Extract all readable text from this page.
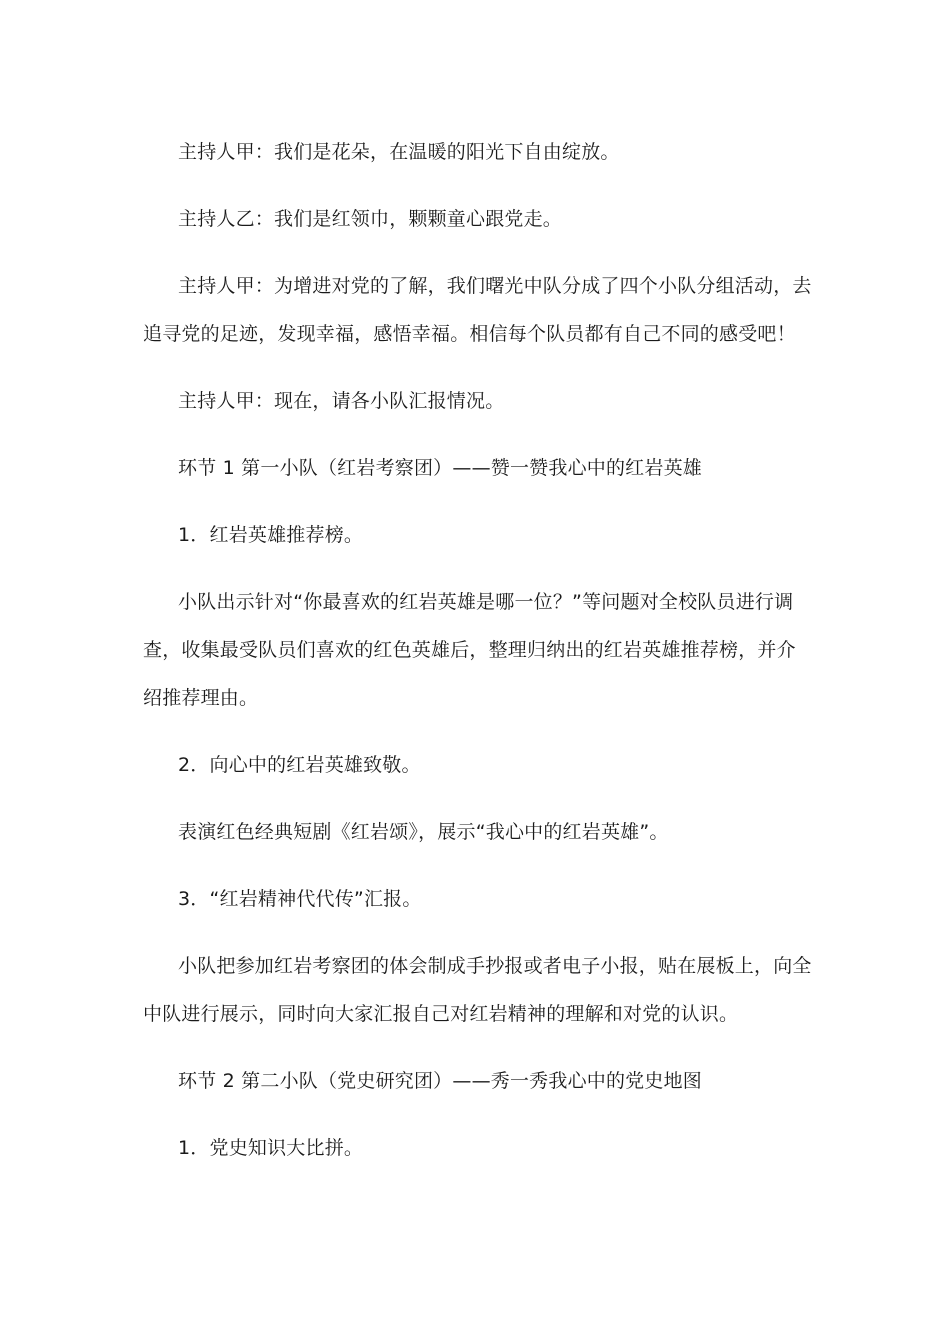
主持人甲：我们是花朵，在温暖的阳光下自由绽放。

主持人乙：我们是红领巾，颗颗童心跟党走。

主持人甲：为增进对党的了解，我们曙光中队分成了四个小队分组活动，去追寻党的足迹，发现幸福，感悟幸福。相信每个队员都有自己不同的感受吧！

主持人甲：现在，请各小队汇报情况。

环节 1 第一小队（红岩考察团）——赞一赞我心中的红岩英雄

1．红岩英雄推荐榜。

小队出示针对“你最喜欢的红岩英雄是哪一位？”等问题对全校队员进行调查，收集最受队员们喜欢的红色英雄后，整理归纳出的红岩英雄推荐榜，并介绍推荐理由。

2．向心中的红岩英雄致敬。

表演红色经典短剧《红岩颂》，展示“我心中的红岩英雄”。

3．“红岩精神代代传”汇报。

小队把参加红岩考察团的体会制成手抄报或者电子小报，贴在展板上，向全中队进行展示，同时向大家汇报自己对红岩精神的理解和对党的认识。

环节 2 第二小队（党史研究团）——秀一秀我心中的党史地图

1．党史知识大比拼。
